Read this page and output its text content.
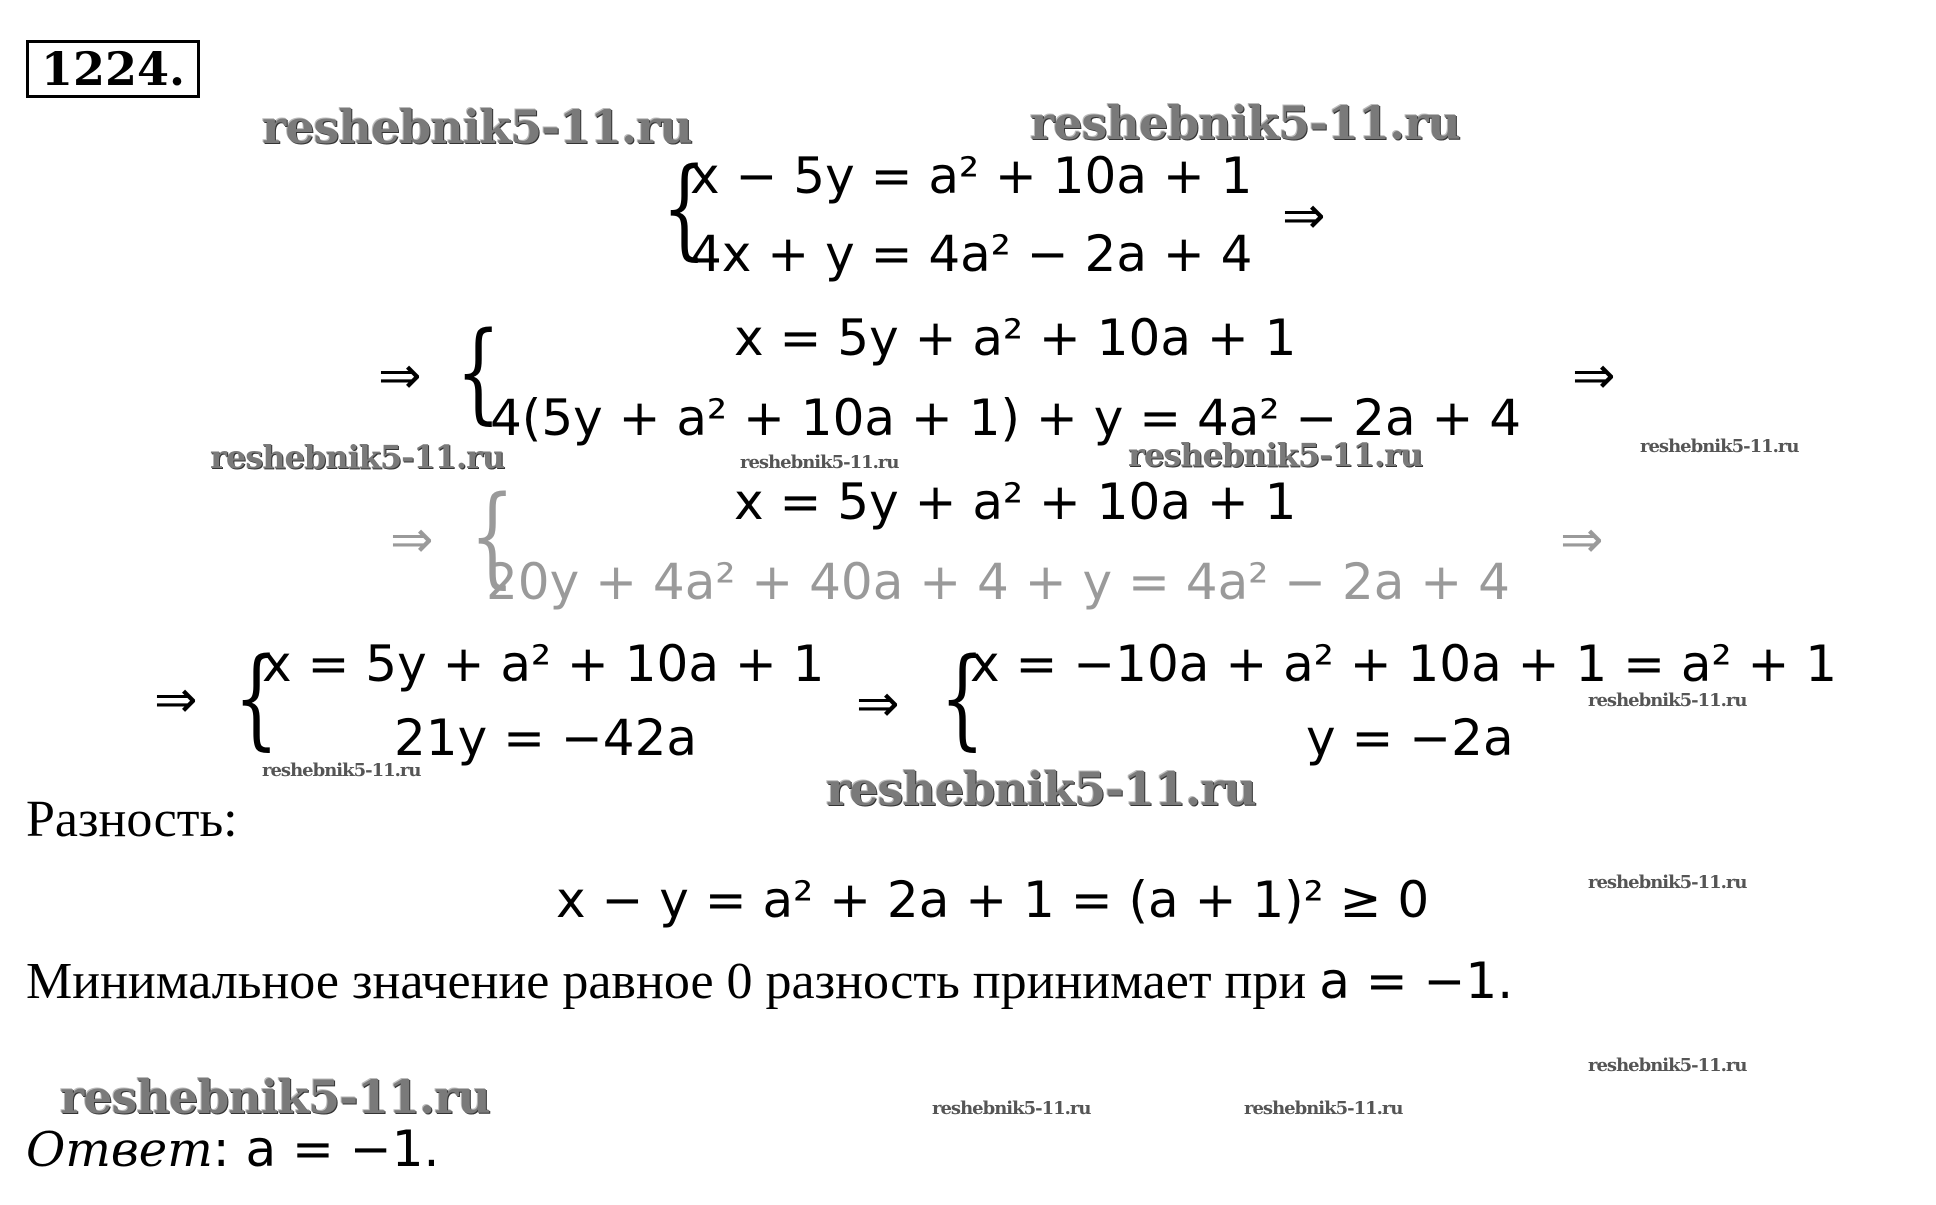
1224.
reshebnik5-11.ru	reshebnik5-11.ru
reshebnik5-11.ru	reshebnik5-11.ru	reshebnik5-11.ru	reshebnik5-11.ru
reshebnik5-11.ru
reshebnik5-11.ru	reshebnik5-11.ru
reshebnik5-11.ru
reshebnik5-11.ru
reshebnik5-11.ru	reshebnik5-11.ru	reshebnik5-11.ru
{
x − 5y = a² + 10a + 1
4x + y = 4a² − 2a + 4
⇒
⇒ {	x = 5y + a² + 10a + 1
4(5y + a² + 10a + 1) + y = 4a² − 2a + 4
⇒
⇒ {	x = 5y + a² + 10a + 1
20y + 4a² + 40a + 4 + y = 4a² − 2a + 4
⇒
⇒ {
x = 5y + a² + 10a + 1
21y = −42a
⇒ {
x = −10a + a² + 10a + 1 = a² + 1
y = −2a
Разность:
x − y = a² + 2a + 1 = (a + 1)² ≥ 0
Минимальное значение равное 0 разность принимает при a = −1.
Ответ: a = −1.
